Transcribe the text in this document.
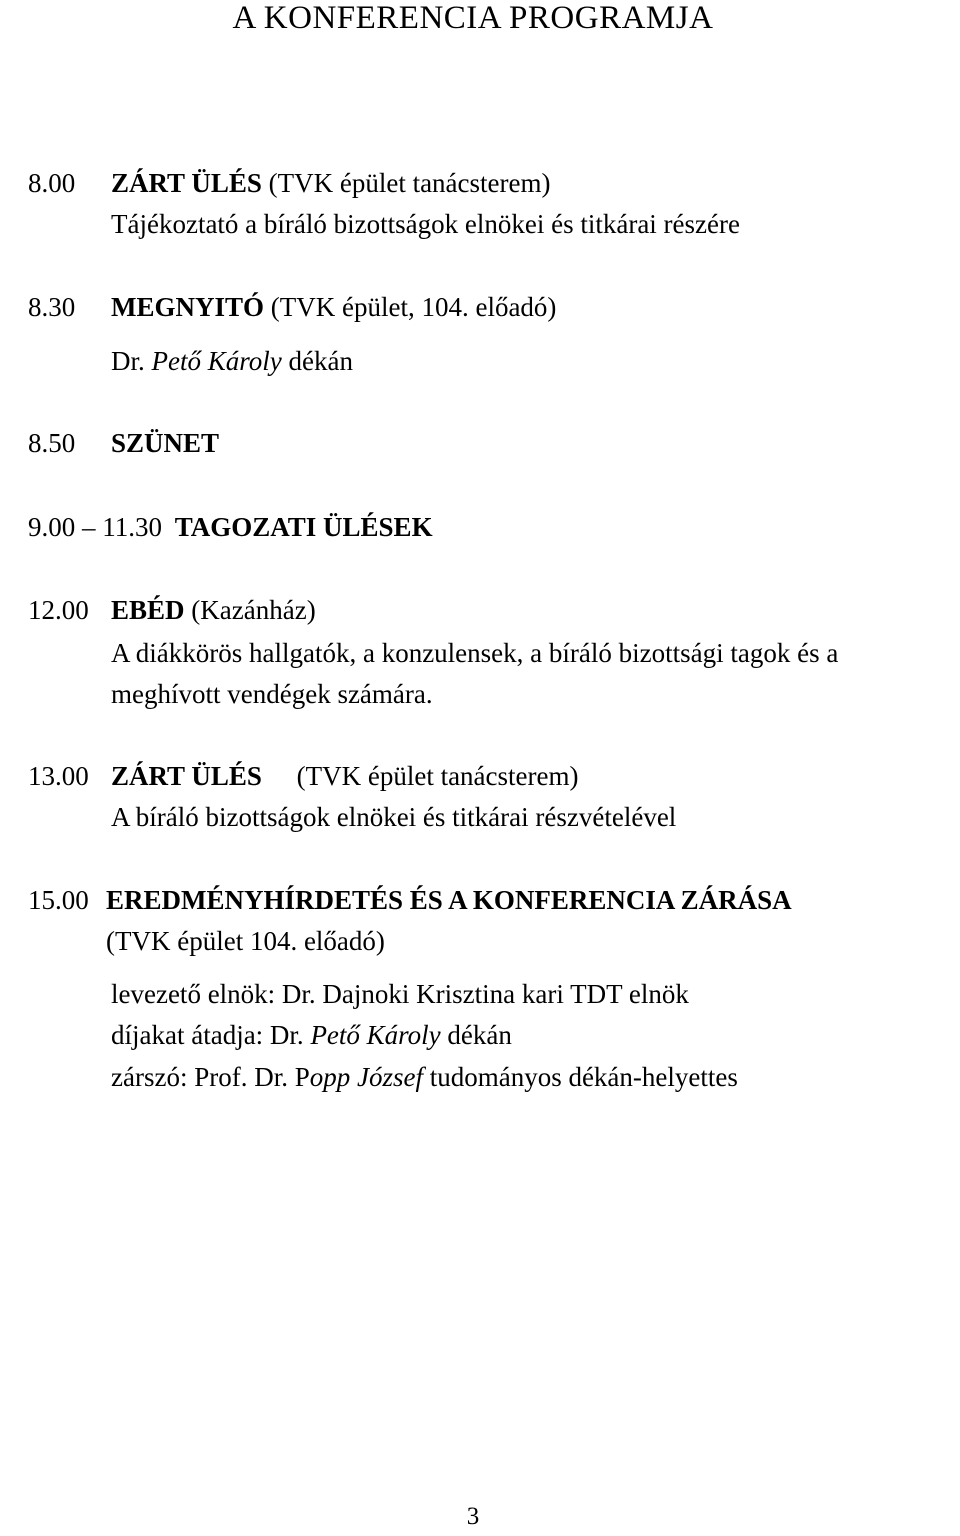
A KONFERENCIA PROGRAMJA
8.00 ZÁRT ÜLÉS (TVK épület tanácsterem)
Tájékoztató a bíráló bizottságok elnökei és titkárai részére
8.30 MEGNYITÓ (TVK épület, 104. előadó)
Dr. Pető Károly dékán
8.50 SZÜNET
9.00 – 11.30 TAGOZATI ÜLÉSEK
12.00 EBÉD (Kazánház)
A diákkörös hallgatók, a konzulensek, a bíráló bizottsági tagok és a
meghívott vendégek számára.
13.00 ZÁRT ÜLÉS (TVK épület tanácsterem)
A bíráló bizottságok elnökei és titkárai részvételével
15.00 EREDMÉNYHÍRDETÉS ÉS A KONFERENCIA ZÁRÁSA
(TVK épület 104. előadó)
levezető elnök: Dr. Dajnoki Krisztina kari TDT elnök
díjakat átadja: Dr. Pető Károly dékán
zárszó: Prof. Dr. Popp József tudományos dékán-helyettes
3
